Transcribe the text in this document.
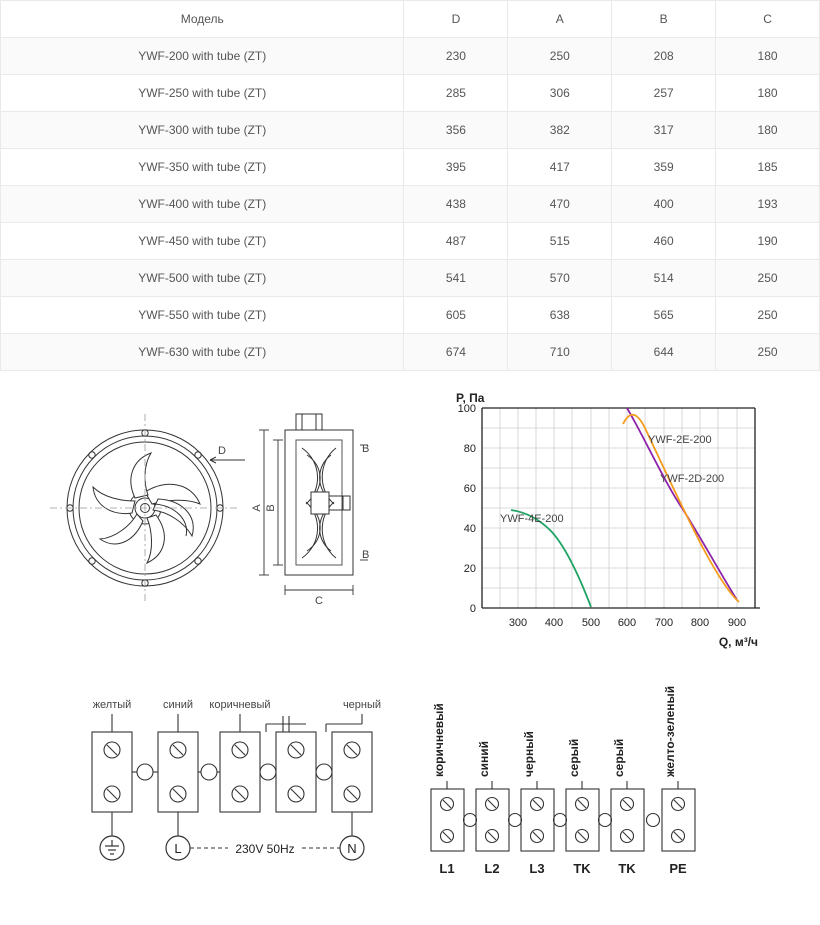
Модель	D	A	B	C
YWF-200 with tube (ZT)	230	250	208	180
YWF-250 with tube (ZT)	285	306	257	180
YWF-300 with tube (ZT)	356	382	317	180
YWF-350 with tube (ZT)	395	417	359	185
YWF-400 with tube (ZT)	438	470	400	193
YWF-450 with tube (ZT)	487	515	460	190
YWF-500 with tube (ZT)	541	570	514	250
YWF-550 with tube (ZT)	605	638	565	250
YWF-630 with tube (ZT)	674	710	644	250
D
A B
B
B
C
100
80
60
40
20
0
300 400 500 600 700 800 900
P, Па
Q, м³/ч
YWF-2E-200
YWF-2D-200
YWF-4E-200
желтый	синий коричневый	черный
L	N
230V 50Hz
коричневый	синий	черный	серый	серый	желто-зеленый
L1 L2 L3 TK TK	PE
